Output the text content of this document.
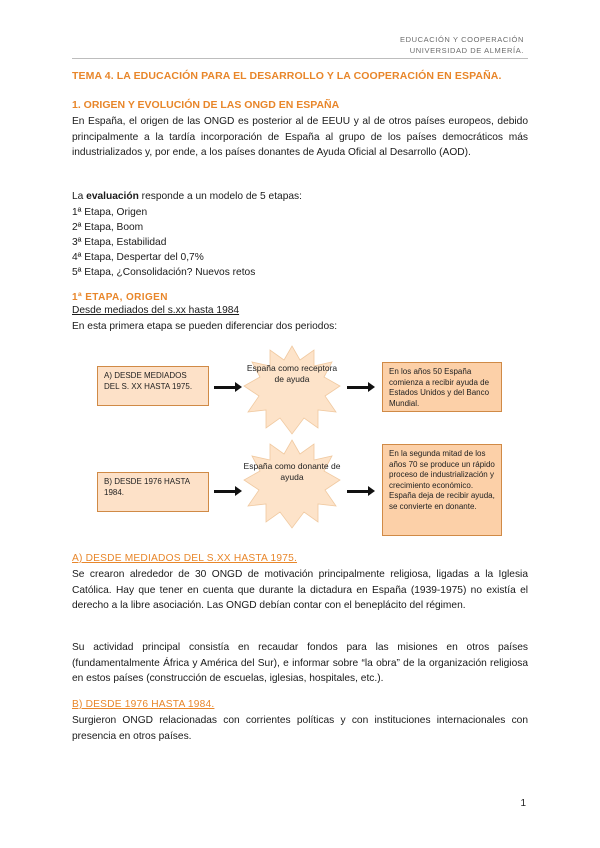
EDUCACIÓN Y COOPERACIÓN
UNIVERSIDAD DE ALMERÍA.
TEMA 4. LA EDUCACIÓN PARA EL DESARROLLO Y LA COOPERACIÓN EN ESPAÑA.
1. ORIGEN Y EVOLUCIÓN DE LAS ONGD EN ESPAÑA
En España, el origen de las ONGD es posterior al de EEUU y al de otros países europeos, debido principalmente a la tardía incorporación de España al grupo de los países democráticos más industrializados y, por ende, a los países donantes de Ayuda Oficial al Desarrollo (AOD).
La evaluación responde a un modelo de 5 etapas:
1ª Etapa, Origen
2ª Etapa, Boom
3ª Etapa, Estabilidad
4ª Etapa, Despertar del 0,7%
5ª Etapa, ¿Consolidación? Nuevos retos
1ª ETAPA, ORIGEN
Desde mediados del s.xx hasta 1984
En esta primera etapa se pueden diferenciar dos periodos:
A) DESDE MEDIADOS DEL S. XX HASTA 1975.
España como receptora de ayuda
En los años 50 España comienza a recibir ayuda de Estados Unidos y del Banco Mundial.
B) DESDE 1976 HASTA 1984.
España como donante de ayuda
En la segunda mitad de los años 70 se produce un rápido proceso de industrialización y crecimiento económico. España deja de recibir ayuda, se convierte en donante.
A) DESDE MEDIADOS DEL S.XX HASTA 1975.
Se crearon alrededor de 30 ONGD de motivación principalmente religiosa, ligadas a la Iglesia Católica. Hay que tener en cuenta que durante la dictadura en España (1939-1975) no existía el derecho a la libre asociación. Las ONGD debían contar con el beneplácito del régimen.
Su actividad principal consistía en recaudar fondos para las misiones en otros países (fundamentalmente África y América del Sur), e informar sobre “la obra” de la organización religiosa en estos países (construcción de escuelas, iglesias, hospitales, etc.).
B) DESDE 1976 HASTA 1984.
Surgieron ONGD relacionadas con corrientes políticas y con instituciones internacionales con presencia en otros países.
1
